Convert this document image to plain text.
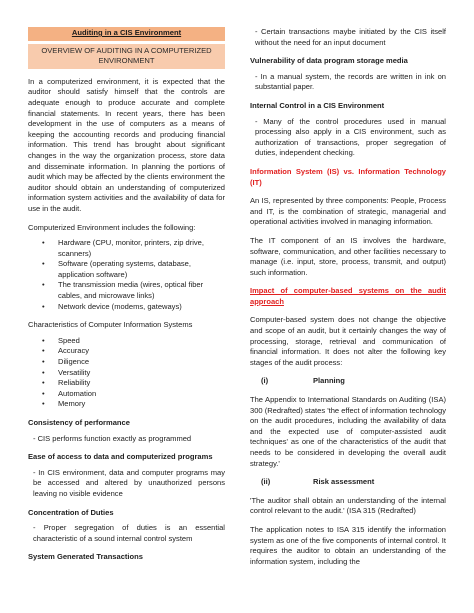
Auditing in a CIS Environment
OVERVIEW OF AUDITING IN A COMPUTERIZED ENVIRONMENT

In a computerized environment, it is expected that the auditor should satisfy himself that the controls are adequate enough to produce accurate and complete financial statements. In recent years, there has been development in the use of computers as a means of keeping the accounting records and producing financial information. This trend has brought about significant changes in the way the organization process, store data and disseminate information. In planning the portions of audit which may be affected by the clients environment the auditor should obtain an understanding of computerized information system activities and the availability of data for use in the audit.

Computerized Environment includes the following:

• Hardware (CPU, monitor, printers, zip drive, scanners)
• Software (operating systems, database, application software)
• The transmission media (wires, optical fiber cables, and microwave links)
• Network device (modems, gateways)

Characteristics of Computer Information Systems

• Speed
• Accuracy
• Diligence
• Versatility
• Reliability
• Automation
• Memory

Consistency of performance

- CIS performs function exactly as programmed

Ease of access to data and computerized programs

- In CIS environment, data and computer programs may be accessed and altered by unauthorized persons leaving no visible evidence

Concentration of Duties

- Proper segregation of duties is an essential characteristic of a sound internal control system

System Generated Transactions

- Certain transactions maybe initiated by the CIS itself without the need for an input document

Vulnerability of data program storage media

- In a manual system, the records are written in ink on substantial paper.

Internal Control in a CIS Environment

- Many of the control procedures used in manual processing also apply in a CIS environment, such as authorization of transactions, proper segregation of duties, independent checking.

Information System (IS) vs. Information Technology (IT)

An IS, represented by three components: People, Process and IT, is the combination of strategic, managerial and operational activities involved in managing information.

The IT component of an IS involves the hardware, software, communication, and other facilities necessary to manage (i.e. input, store, process, transmit, and output) such information.

Impact of computer-based systems on the audit approach

Computer-based system does not change the objective and scope of an audit, but it certainly changes the way of processing, storage, retrieval and communication of financial information. It does not alter the following key stages of the audit process:

(i)	Planning

The Appendix to International Standards on Auditing (ISA) 300 (Redrafted) states 'the effect of information technology on the audit procedures, including the availability of data and the expected use of computer-assisted audit techniques' as one of the characteristics of the audit that needs to be considered in developing the overall audit strategy.'

(ii)	Risk assessment

'The auditor shall obtain an understanding of the internal control relevant to the audit.' (ISA 315 (Redrafted)

The application notes to ISA 315 identify the information system as one of the five components of internal control. It requires the auditor to obtain an understanding of the information system, including the
